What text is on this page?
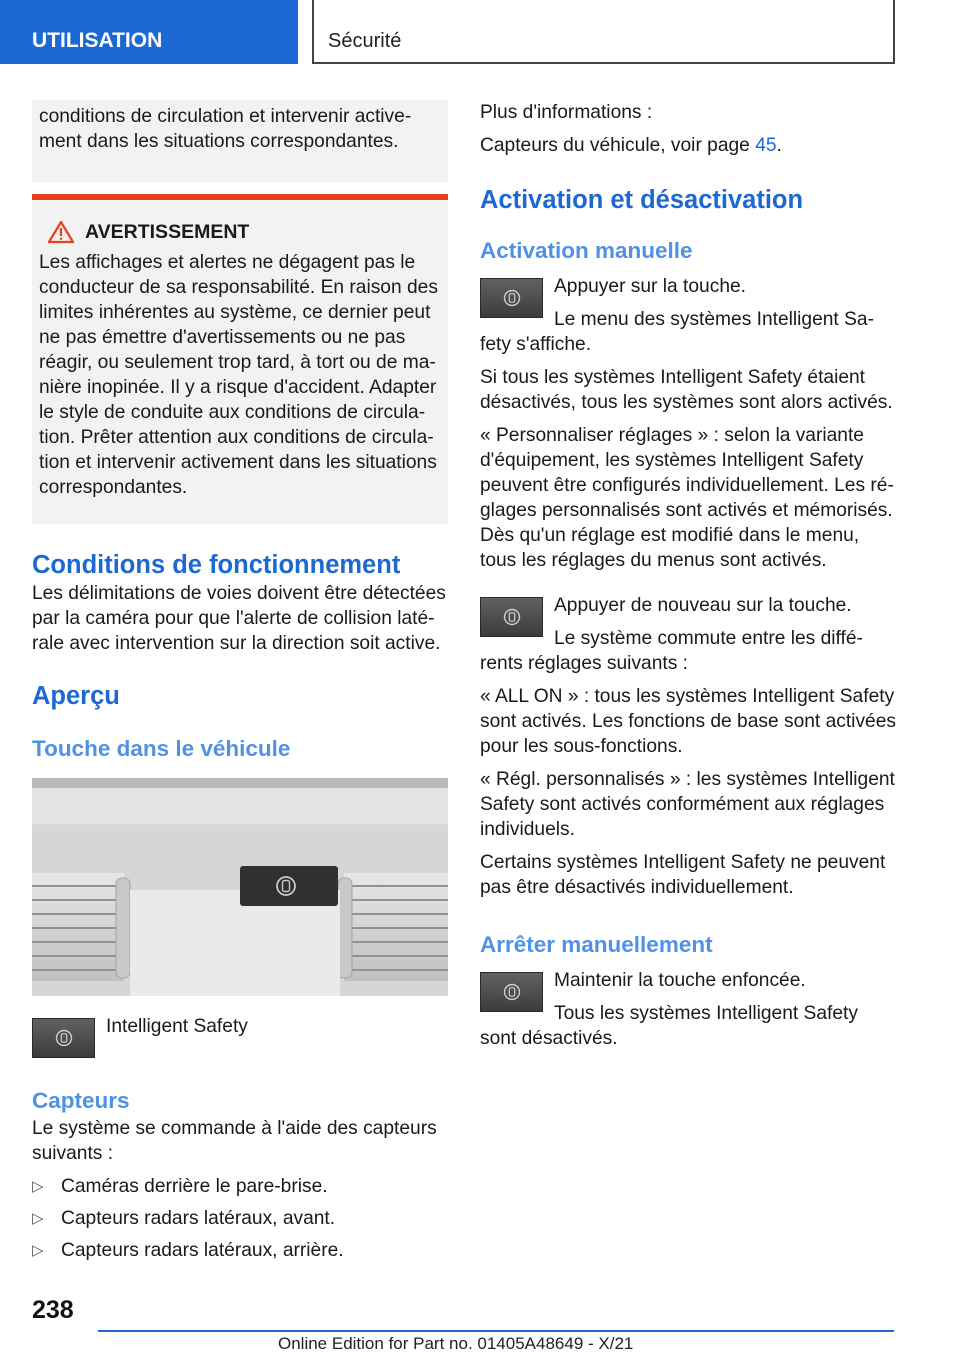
UTILISATION	Sécurité

conditions de circulation et intervenir activement dans les situations correspondantes.

AVERTISSEMENT

Les affichages et alertes ne dégagent pas le conducteur de sa responsabilité. En raison des limites inhérentes au système, ce dernier peut ne pas émettre d'avertissements ou ne pas réagir, ou seulement trop tard, à tort ou de manière inopinée. Il y a risque d'accident. Adapter le style de conduite aux conditions de circulation. Prêter attention aux conditions de circulation et intervenir activement dans les situations correspondantes.

Conditions de fonctionnement

Les délimitations de voies doivent être détectées par la caméra pour que l'alerte de collision latérale avec intervention sur la direction soit active.

Aperçu
Touche dans le véhicule

Intelligent Safety

Capteurs

Le système se commande à l'aide des capteurs suivants :

▷ Caméras derrière le pare-brise.
▷ Capteurs radars latéraux, avant.
▷ Capteurs radars latéraux, arrière.

Plus d'informations :

Capteurs du véhicule, voir page 45.

Activation et désactivation
Activation manuelle

Appuyer sur la touche.

Le menu des systèmes Intelligent Safety s'affiche.

Si tous les systèmes Intelligent Safety étaient désactivés, tous les systèmes sont alors activés.

« Personnaliser réglages » : selon la variante d'équipement, les systèmes Intelligent Safety peuvent être configurés individuellement. Les réglages personnalisés sont activés et mémorisés. Dès qu'un réglage est modifié dans le menu, tous les réglages du menus sont activés.

Appuyer de nouveau sur la touche.

Le système commute entre les différents réglages suivants :

« ALL ON » : tous les systèmes Intelligent Safety sont activés. Les fonctions de base sont activées pour les sous-fonctions.

« Régl. personnalisés » : les systèmes Intelligent Safety sont activés conformément aux réglages individuels.

Certains systèmes Intelligent Safety ne peuvent pas être désactivés individuellement.

Arrêter manuellement

Maintenir la touche enfoncée.

Tous les systèmes Intelligent Safety sont désactivés.

238
Online Edition for Part no. 01405A48649 - X/21
